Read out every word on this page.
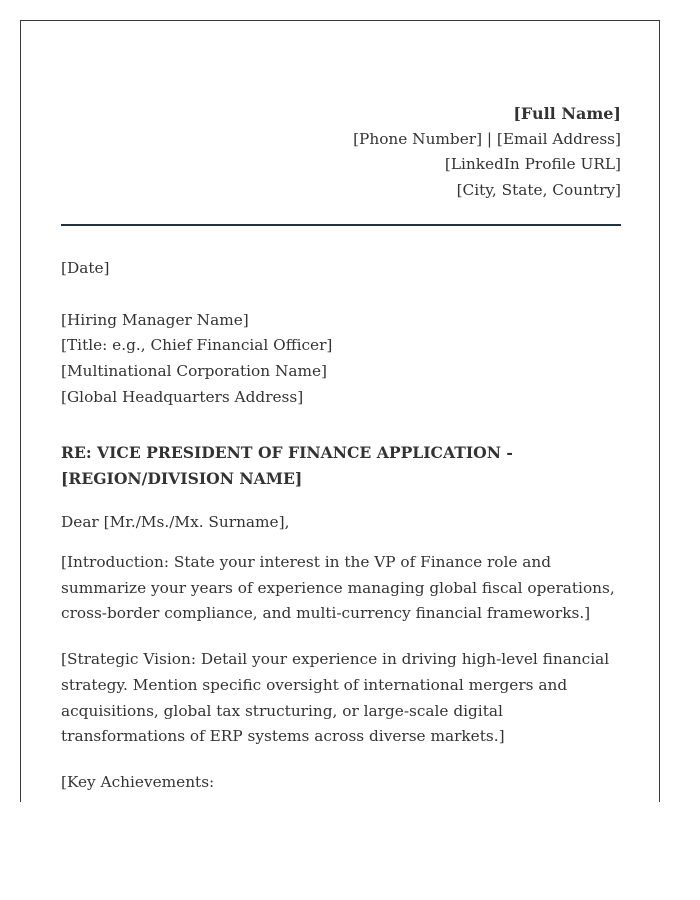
[Full Name]
[Phone Number] | [Email Address]
[LinkedIn Profile URL]
[City, State, Country]
[Date]
[Hiring Manager Name]
[Title: e.g., Chief Financial Officer]
[Multinational Corporation Name]
[Global Headquarters Address]
RE: VICE PRESIDENT OF FINANCE APPLICATION -
[REGION/DIVISION NAME]
Dear [Mr./Ms./Mx. Surname],
[Introduction: State your interest in the VP of Finance role and summarize your years of experience managing global fiscal operations, cross-border compliance, and multi-currency financial frameworks.]
[Strategic Vision: Detail your experience in driving high-level financial strategy. Mention specific oversight of international mergers and acquisitions, global tax structuring, or large-scale digital transformations of ERP systems across diverse markets.]
[Key Achievements:
